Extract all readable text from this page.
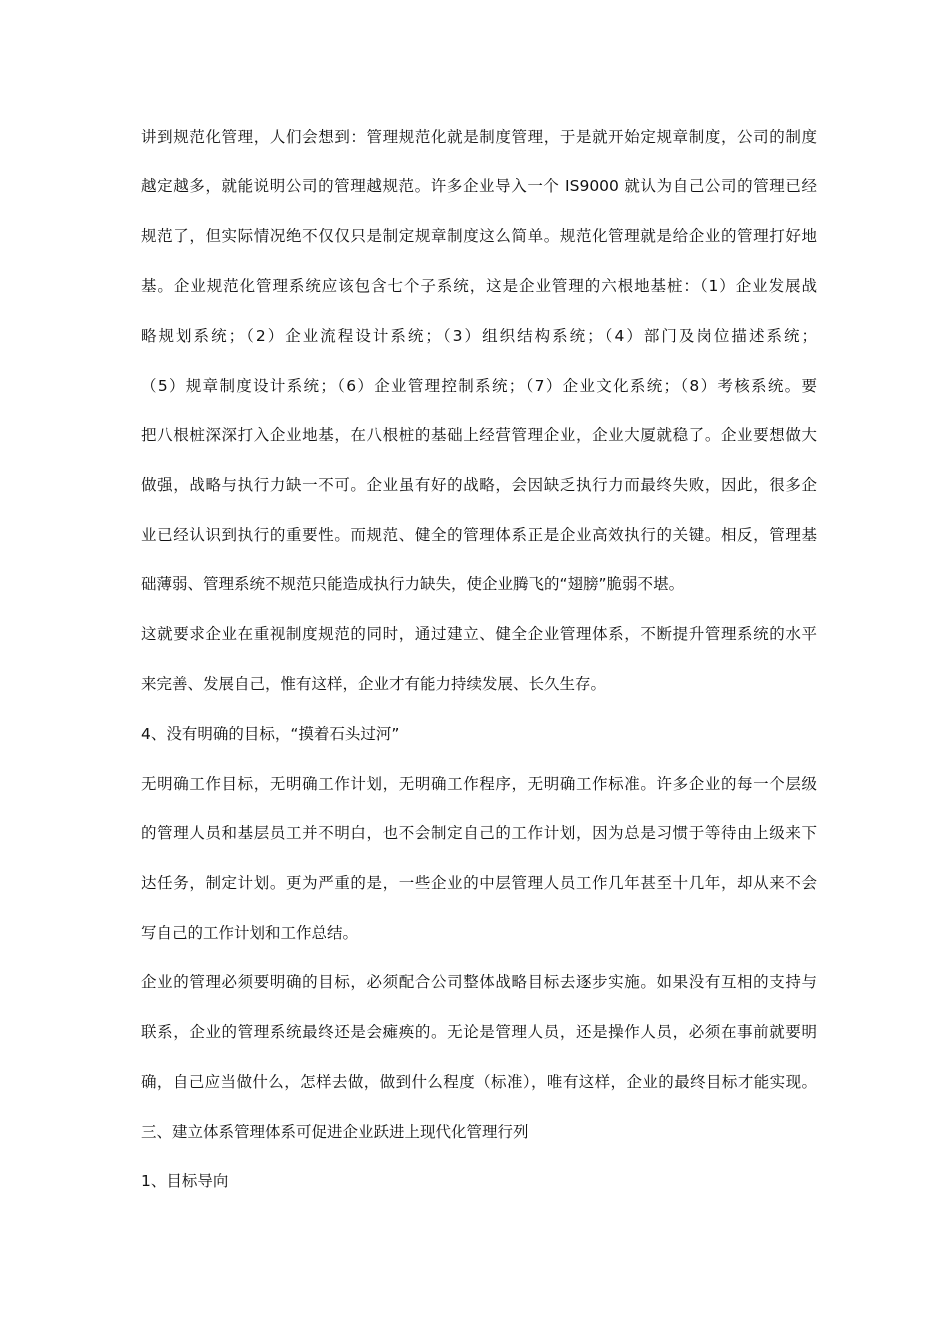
讲到规范化管理，人们会想到：管理规范化就是制度管理，于是就开始定规章制度，公司的制度
越定越多，就能说明公司的管理越规范。许多企业导入一个 IS9000 就认为自己公司的管理已经
规范了，但实际情况绝不仅仅只是制定规章制度这么简单。规范化管理就是给企业的管理打好地
基。企业规范化管理系统应该包含七个子系统，这是企业管理的六根地基桩：（1）企业发展战
略规划系统；（2）企业流程设计系统；（3）组织结构系统；（4）部门及岗位描述系统；
（5）规章制度设计系统；（6）企业管理控制系统；（7）企业文化系统；（8）考核系统。要
把八根桩深深打入企业地基，在八根桩的基础上经营管理企业，企业大厦就稳了。企业要想做大
做强，战略与执行力缺一不可。企业虽有好的战略，会因缺乏执行力而最终失败，因此，很多企
业已经认识到执行的重要性。而规范、健全的管理体系正是企业高效执行的关键。相反，管理基
础薄弱、管理系统不规范只能造成执行力缺失，使企业腾飞的“翅膀”脆弱不堪。
这就要求企业在重视制度规范的同时，通过建立、健全企业管理体系，不断提升管理系统的水平
来完善、发展自己，惟有这样，企业才有能力持续发展、长久生存。
4、没有明确的目标，“摸着石头过河”
无明确工作目标，无明确工作计划，无明确工作程序，无明确工作标准。许多企业的每一个层级
的管理人员和基层员工并不明白，也不会制定自己的工作计划，因为总是习惯于等待由上级来下
达任务，制定计划。更为严重的是，一些企业的中层管理人员工作几年甚至十几年，却从来不会
写自己的工作计划和工作总结。
企业的管理必须要明确的目标，必须配合公司整体战略目标去逐步实施。如果没有互相的支持与
联系，企业的管理系统最终还是会瘫痪的。无论是管理人员，还是操作人员，必须在事前就要明
确，自己应当做什么，怎样去做，做到什么程度（标准），唯有这样，企业的最终目标才能实现。
三、建立体系管理体系可促进企业跃进上现代化管理行列
1、目标导向
